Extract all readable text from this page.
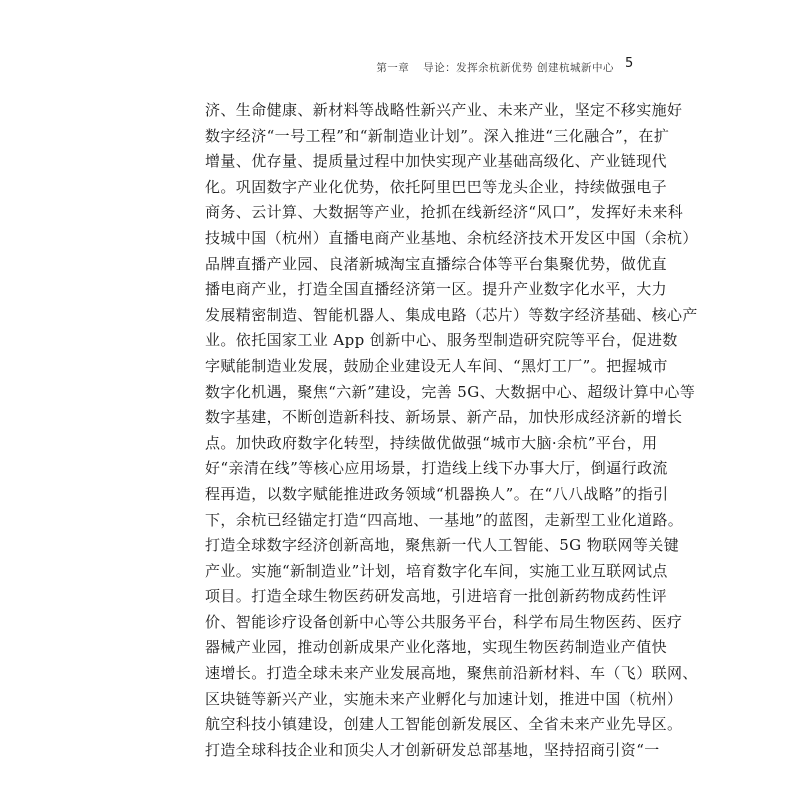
第一章 导论：发挥余杭新优势 创建杭城新中心 5
济、生命健康、新材料等战略性新兴产业、未来产业，坚定不移实施好
数字经济“一号工程”和“新制造业计划”。深入推进“三化融合”，在扩
增量、优存量、提质量过程中加快实现产业基础高级化、产业链现代
化。巩固数字产业化优势，依托阿里巴巴等龙头企业，持续做强电子
商务、云计算、大数据等产业，抢抓在线新经济“风口”，发挥好未来科
技城中国（杭州）直播电商产业基地、余杭经济技术开发区中国（余杭）
品牌直播产业园、良渚新城淘宝直播综合体等平台集聚优势，做优直
播电商产业，打造全国直播经济第一区。提升产业数字化水平，大力
发展精密制造、智能机器人、集成电路（芯片）等数字经济基础、核心产
业。依托国家工业 App 创新中心、服务型制造研究院等平台，促进数
字赋能制造业发展，鼓励企业建设无人车间、“黑灯工厂”。把握城市
数字化机遇，聚焦“六新”建设，完善 5G、大数据中心、超级计算中心等
数字基建，不断创造新科技、新场景、新产品，加快形成经济新的增长
点。加快政府数字化转型，持续做优做强“城市大脑·余杭”平台，用
好“亲清在线”等核心应用场景，打造线上线下办事大厅，倒逼行政流
程再造，以数字赋能推进政务领域“机器换人”。在“八八战略”的指引
下，余杭已经锚定打造“四高地、一基地”的蓝图，走新型工业化道路。
打造全球数字经济创新高地，聚焦新一代人工智能、5G 物联网等关键
产业。实施“新制造业”计划，培育数字化车间，实施工业互联网试点
项目。打造全球生物医药研发高地，引进培育一批创新药物成药性评
价、智能诊疗设备创新中心等公共服务平台，科学布局生物医药、医疗
器械产业园，推动创新成果产业化落地，实现生物医药制造业产值快
速增长。打造全球未来产业发展高地，聚焦前沿新材料、车（飞）联网、
区块链等新兴产业，实施未来产业孵化与加速计划，推进中国（杭州）
航空科技小镇建设，创建人工智能创新发展区、全省未来产业先导区。
打造全球科技企业和顶尖人才创新研发总部基地，坚持招商引资“一
